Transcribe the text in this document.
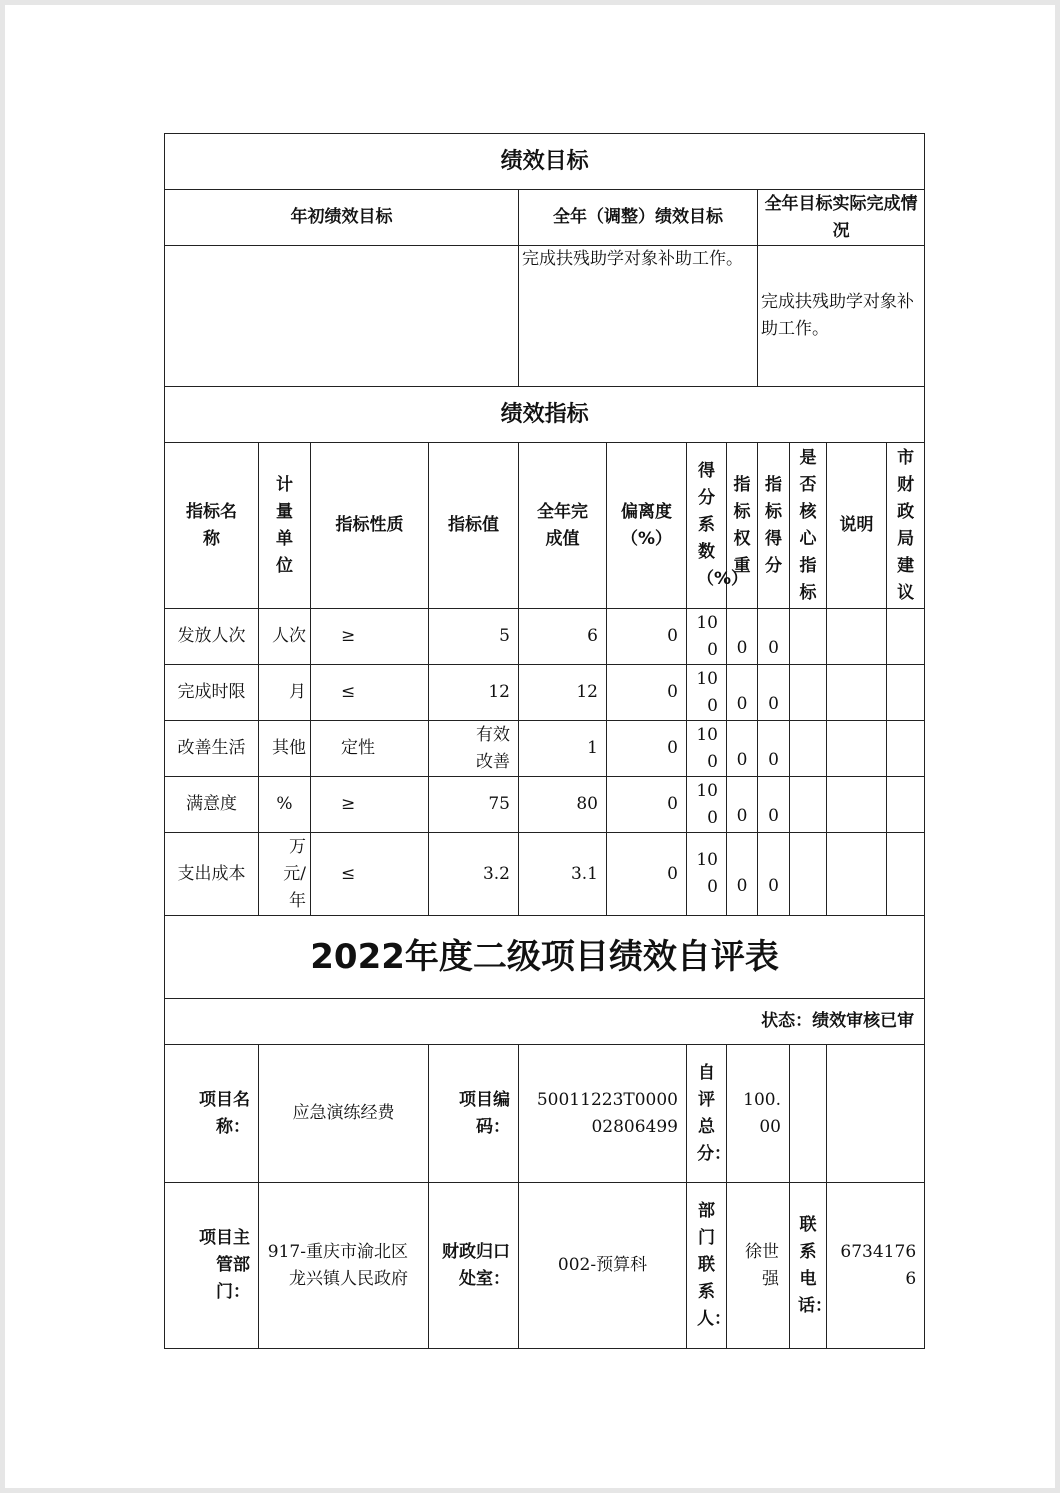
绩效目标											
年初绩效目标				全年（调整）绩效目标				全年目标实际完成情况			
				完成扶残助学对象补助工作。				完成扶残助学对象补助工作。			
绩效指标											
指标名称	计量单位	指标性质	指标值	全年完成值	偏离度（%）	得分系数（%）	指标权重	指标得分	是否核心指标	说明	市财政局建议
发放人次	人次	≥	5	6	0	100	0	0			
完成时限	月	≤	12	12	0	100	0	0			
改善生活	其他	定性	有效改善	1	0	100	0	0			
满意度	%	≥	75	80	0	100	0	0			
支出成本	万元/年	≤	3.2	3.1	0	100	0	0			
2022年度二级项目绩效自评表											
状态：绩效审核已审											
项目名称：	应急演练经费		项目编码：	50011223T000002806499		自评总分：	100.00				
项目主管部门：	917-重庆市渝北区龙兴镇人民政府		财政归口处室：	002-预算科		部门联系人：	徐世强		联系电话：	67341766	
